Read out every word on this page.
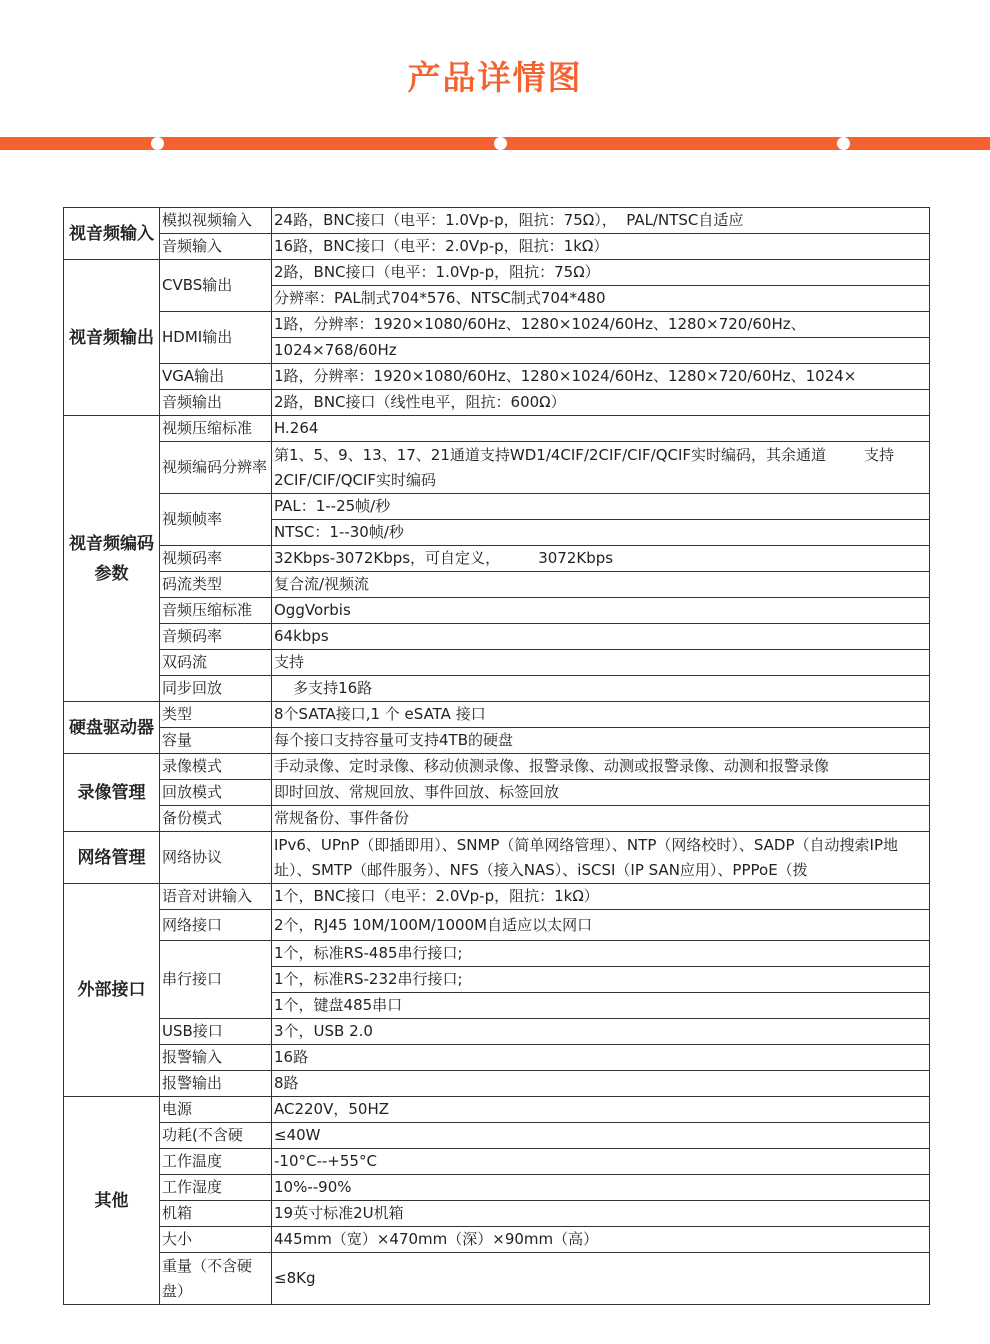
产品详情图
视音频输入	模拟视频输入	24路，BNC接口（电平：1.0Vp-p，阻抗：75Ω），  PAL/NTSC自适应
	音频输入	16路，BNC接口（电平：2.0Vp-p，阻抗：1kΩ）
视音频输出	CVBS输出	2路，BNC接口（电平：1.0Vp-p，阻抗：75Ω）
		分辨率：PAL制式704*576、NTSC制式704*480
	HDMI输出	1路，分辨率：1920×1080/60Hz、1280×1024/60Hz、1280×720/60Hz、
		1024×768/60Hz
	VGA输出	1路，分辨率：1920×1080/60Hz、1280×1024/60Hz、1280×720/60Hz、1024×
	音频输出	2路，BNC接口（线性电平，阻抗：600Ω）
视音频编码参数	视频压缩标准	H.264
	视频编码分辨率	第1、5、9、13、17、21通道支持WD1/4CIF/2CIF/CIF/QCIF实时编码，其余通道        支持2CIF/CIF/QCIF实时编码
	视频帧率	PAL：1--25帧/秒
		NTSC：1--30帧/秒
	视频码率	32Kbps-3072Kbps，可自定义，        3072Kbps
	码流类型	复合流/视频流
	音频压缩标准	OggVorbis
	音频码率	64kbps
	双码流	支持
	同步回放	多支持16路
硬盘驱动器	类型	8个SATA接口,1 个 eSATA 接口
	容量	每个接口支持容量可支持4TB的硬盘
录像管理	录像模式	手动录像、定时录像、移动侦测录像、报警录像、动测或报警录像、动测和报警录像
	回放模式	即时回放、常规回放、事件回放、标签回放
	备份模式	常规备份、事件备份
网络管理	网络协议	IPv6、UPnP（即插即用）、SNMP（简单网络管理）、NTP（网络校时）、SADP（自动搜索IP地址）、SMTP（邮件服务）、NFS（接入NAS）、iSCSI（IP SAN应用）、PPPoE（拨
外部接口	语音对讲输入	1个，BNC接口（电平：2.0Vp-p，阻抗：1kΩ）
	网络接口	2个，RJ45 10M/100M/1000M自适应以太网口
	串行接口	1个，标准RS-485串行接口;
		1个，标准RS-232串行接口;
		1个，键盘485串口
	USB接口	3个，USB 2.0
	报警输入	16路
	报警输出	8路
其他	电源	AC220V，50HZ
	功耗(不含硬	≤40W
	工作温度	-10°C--+55°C
	工作湿度	10%--90%
	机箱	19英寸标准2U机箱
	大小	445mm（宽）×470mm（深）×90mm（高）
	重量（不含硬盘）	≤8Kg
